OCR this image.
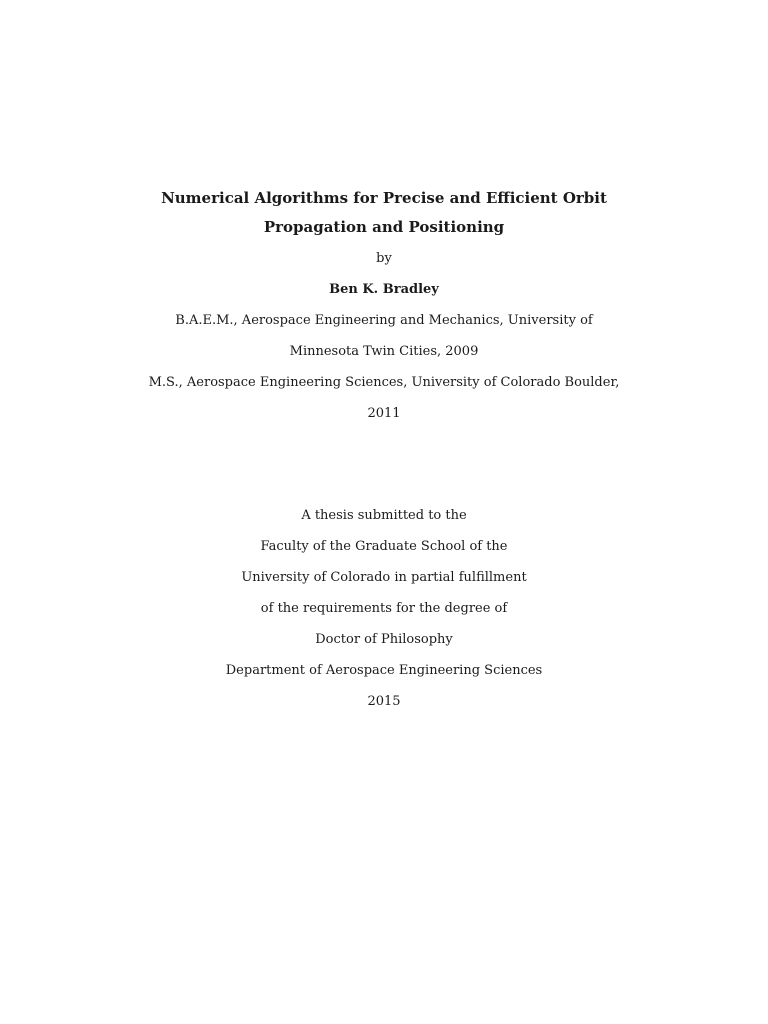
Numerical Algorithms for Precise and Efficient Orbit
Propagation and Positioning
by
Ben K. Bradley
B.A.E.M., Aerospace Engineering and Mechanics, University of
Minnesota Twin Cities, 2009
M.S., Aerospace Engineering Sciences, University of Colorado Boulder,
2011
A thesis submitted to the
Faculty of the Graduate School of the
University of Colorado in partial fulfillment
of the requirements for the degree of
Doctor of Philosophy
Department of Aerospace Engineering Sciences
2015
